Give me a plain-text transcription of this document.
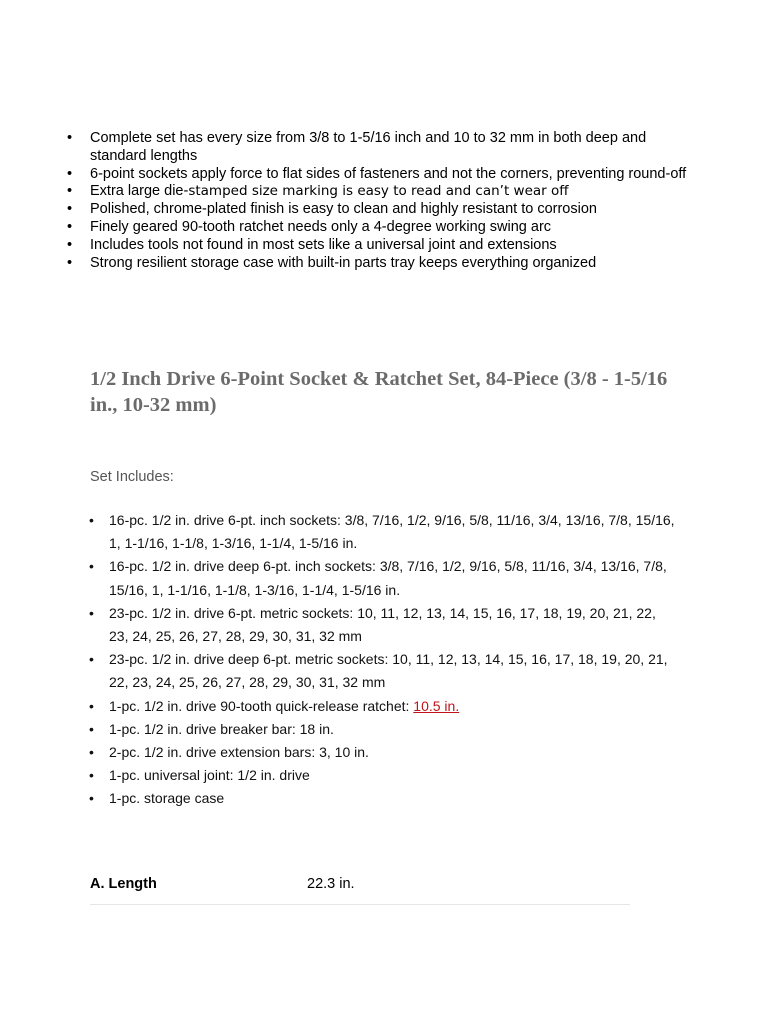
• Complete set has every size from 3/8 to 1-5/16 inch and 10 to 32 mm in both deep and standard lengths
• 6-point sockets apply force to flat sides of fasteners and not the corners, preventing round-off
• Extra large die-stamped size marking is easy to read and can’t wear off
• Polished, chrome-plated finish is easy to clean and highly resistant to corrosion
• Finely geared 90-tooth ratchet needs only a 4-degree working swing arc
• Includes tools not found in most sets like a universal joint and extensions
• Strong resilient storage case with built-in parts tray keeps everything organized
1/2 Inch Drive 6-Point Socket & Ratchet Set, 84-Piece (3/8 - 1-5/16 in., 10-32 mm)

Set Includes:

• 16-pc. 1/2 in. drive 6-pt. inch sockets: 3/8, 7/16, 1/2, 9/16, 5/8, 11/16, 3/4, 13/16, 7/8, 15/16, 1, 1-1/16, 1-1/8, 1-3/16, 1-1/4, 1-5/16 in.
• 16-pc. 1/2 in. drive deep 6-pt. inch sockets: 3/8, 7/16, 1/2, 9/16, 5/8, 11/16, 3/4, 13/16, 7/8, 15/16, 1, 1-1/16, 1-1/8, 1-3/16, 1-1/4, 1-5/16 in.
• 23-pc. 1/2 in. drive 6-pt. metric sockets: 10, 11, 12, 13, 14, 15, 16, 17, 18, 19, 20, 21, 22, 23, 24, 25, 26, 27, 28, 29, 30, 31, 32 mm
• 23-pc. 1/2 in. drive deep 6-pt. metric sockets: 10, 11, 12, 13, 14, 15, 16, 17, 18, 19, 20, 21, 22, 23, 24, 25, 26, 27, 28, 29, 30, 31, 32 mm
• 1-pc. 1/2 in. drive 90-tooth quick-release ratchet: 10.5 in.
• 1-pc. 1/2 in. drive breaker bar: 18 in.
• 2-pc. 1/2 in. drive extension bars: 3, 10 in.
• 1-pc. universal joint: 1/2 in. drive
• 1-pc. storage case
A. Length	22.3 in.
